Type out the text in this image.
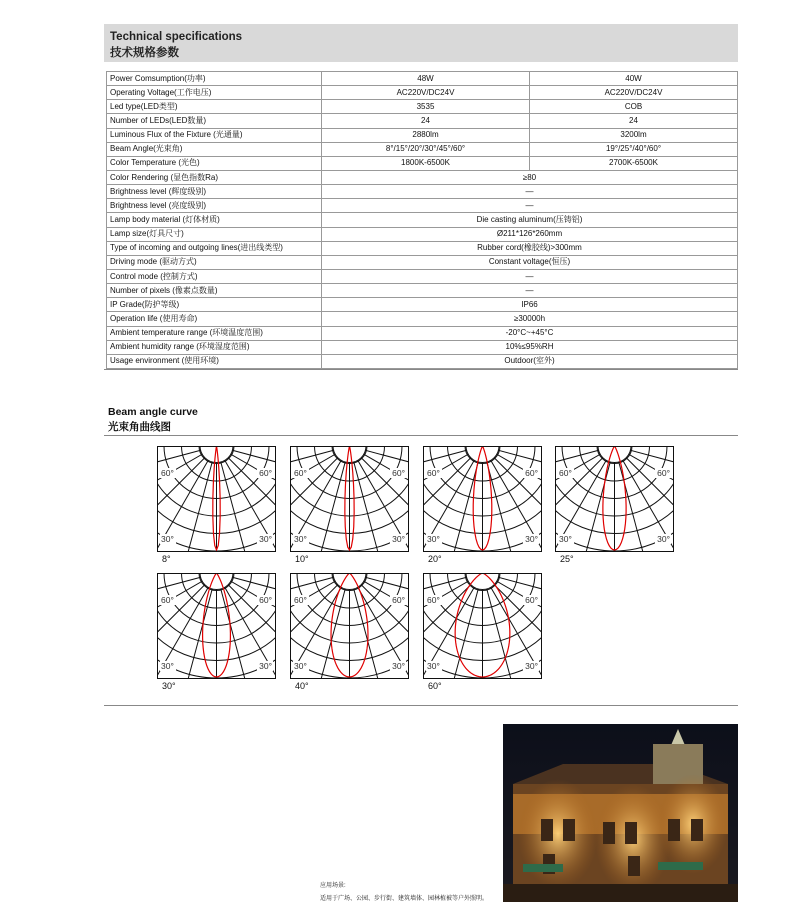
Technical specifications
技术规格参数
Power Comsumption(功率)	48W	40W
Operating Voltage(工作电压)	AC220V/DC24V	AC220V/DC24V
Led type(LED类型)	3535	COB
Number of LEDs(LED数量)	24	24
Luminous Flux of the Fixture (光通量)	2880lm	3200lm
Beam Angle(光束角)	8°/15°/20°/30°/45°/60°	19°/25°/40°/60°
Color Temperature (光色)	1800K-6500K	2700K-6500K
Color Rendering (显色指数Ra)	≥80	
Brightness level (辉度级别)	—	
Brightness level (亮度级别)	—	
Lamp body material (灯体材质)	Die casting aluminum(压铸铝)	
Lamp size(灯具尺寸)	Ø211*126*260mm	
Type of incoming and outgoing lines(进出线类型)	Rubber cord(橡胶线)>300mm	
Driving mode (驱动方式)	Constant voltage(恒压)	
Control mode (控制方式)	—	
Number of pixels (像素点数量)	—	
IP Grade(防护等级)	IP66	
Operation life (使用寿命)	≥30000h	
Ambient temperature range (环境温度范围)	-20°C~+45°C	
Ambient humidity range (环境湿度范围)	10%≤95%RH	
Usage environment (使用环境)	Outdoor(室外)	
Beam angle curve
光束角曲线图
60°	60°
30°	30°
8°
60°	60°
30°	30°
10°
60°	60°
30°	30°
20°
60°	60°
30°	30°
25°
60°	60°
30°	30°
30°
60°	60°
30°	30°
40°
60°	60°
30°	30°
60°
应用场景:
适用于广场、公园、步行街、建筑墙体、园林植被等户外照明。
